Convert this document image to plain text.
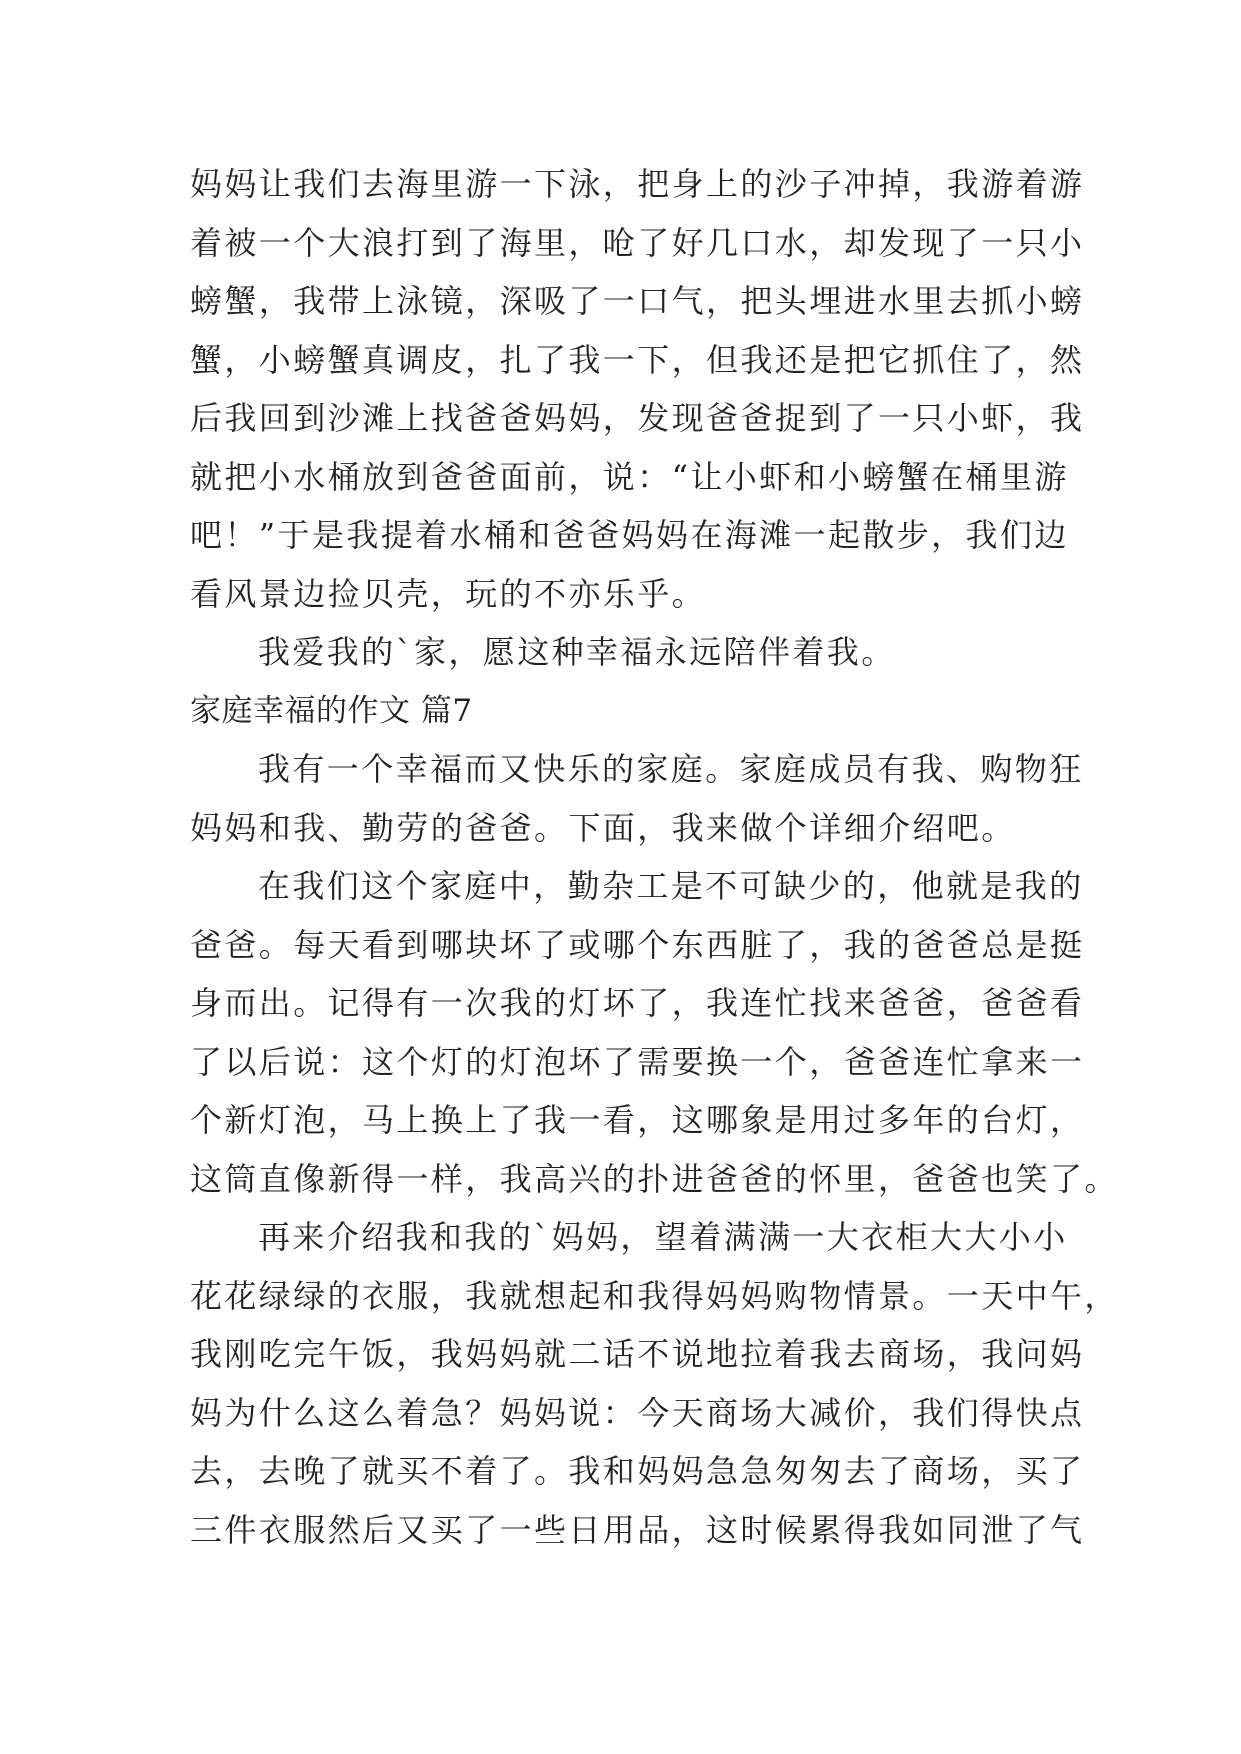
妈妈让我们去海里游一下泳，把身上的沙子冲掉，我游着游
着被一个大浪打到了海里，呛了好几口水，却发现了一只小
螃蟹，我带上泳镜，深吸了一口气，把头埋进水里去抓小螃
蟹，小螃蟹真调皮，扎了我一下，但我还是把它抓住了，然
后我回到沙滩上找爸爸妈妈，发现爸爸捉到了一只小虾，我
就把小水桶放到爸爸面前，说：“让小虾和小螃蟹在桶里游
吧！”于是我提着水桶和爸爸妈妈在海滩一起散步，我们边
看风景边捡贝壳，玩的不亦乐乎。
我爱我的`家，愿这种幸福永远陪伴着我。
家庭幸福的作文 篇7
我有一个幸福而又快乐的家庭。家庭成员有我、购物狂
妈妈和我、勤劳的爸爸。下面，我来做个详细介绍吧。
在我们这个家庭中，勤杂工是不可缺少的，他就是我的
爸爸。每天看到哪块坏了或哪个东西脏了，我的爸爸总是挺
身而出。记得有一次我的灯坏了，我连忙找来爸爸，爸爸看
了以后说：这个灯的灯泡坏了需要换一个，爸爸连忙拿来一
个新灯泡，马上换上了我一看，这哪象是用过多年的台灯，
这筒直像新得一样，我高兴的扑进爸爸的怀里，爸爸也笑了。
再来介绍我和我的`妈妈，望着满满一大衣柜大大小小
花花绿绿的衣服，我就想起和我得妈妈购物情景。一天中午，
我刚吃完午饭，我妈妈就二话不说地拉着我去商场，我问妈
妈为什么这么着急？妈妈说：今天商场大减价，我们得快点
去，去晚了就买不着了。我和妈妈急急匆匆去了商场，买了
三件衣服然后又买了一些日用品，这时候累得我如同泄了气
